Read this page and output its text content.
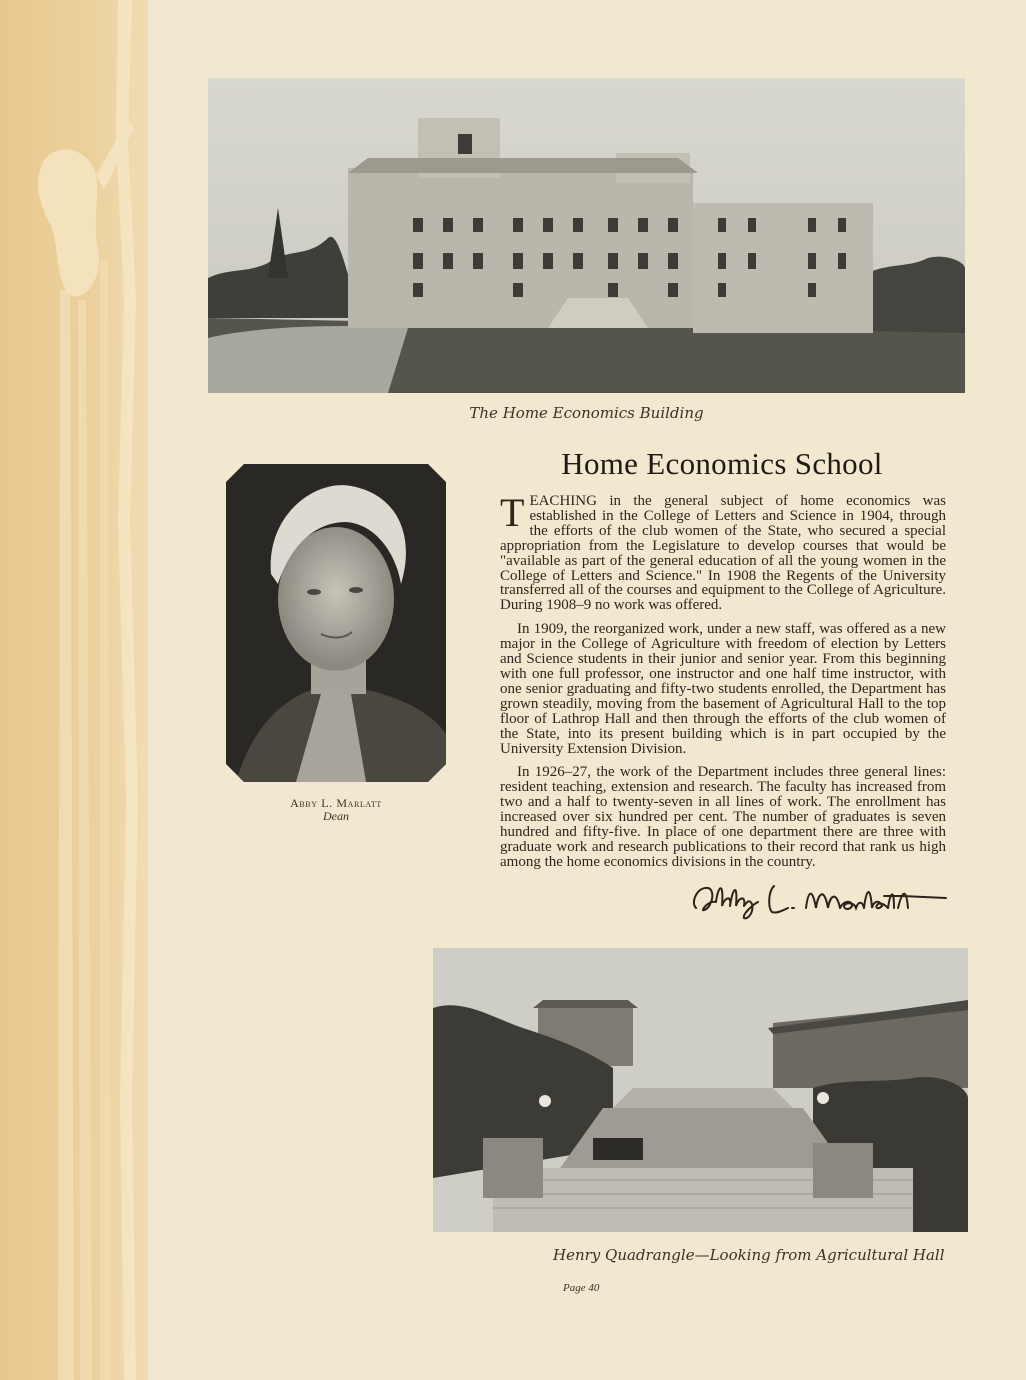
The Home Economics Building
Abby L. Marlatt
Dean
Home Economics School

TEACHING in the general subject of home economics was established in the College of Letters and Science in 1904, through the efforts of the club women of the State, who secured a special appropriation from the Legislature to develop courses that would be "available as part of the general education of all the young women in the College of Letters and Science." In 1908 the Regents of the University transferred all of the courses and equipment to the College of Agriculture. During 1908–9 no work was offered.

In 1909, the reorganized work, under a new staff, was offered as a new major in the College of Agriculture with freedom of election by Letters and Science students in their junior and senior year. From this beginning with one full professor, one instructor and one half time instructor, with one senior graduating and fifty-two students enrolled, the Department has grown steadily, moving from the basement of Agricultural Hall to the top floor of Lathrop Hall and then through the efforts of the club women of the State, into its present building which is in part occupied by the University Extension Division.

In 1926–27, the work of the Department includes three general lines: resident teaching, extension and research. The faculty has increased from two and a half to twenty-seven in all lines of work. The enrollment has increased over six hundred per cent. The number of graduates is seven hundred and fifty-five. In place of one department there are three with graduate work and research publications to their record that rank us high among the home economics divisions in the country.

Henry Quadrangle—Looking from Agricultural Hall
Page 40
